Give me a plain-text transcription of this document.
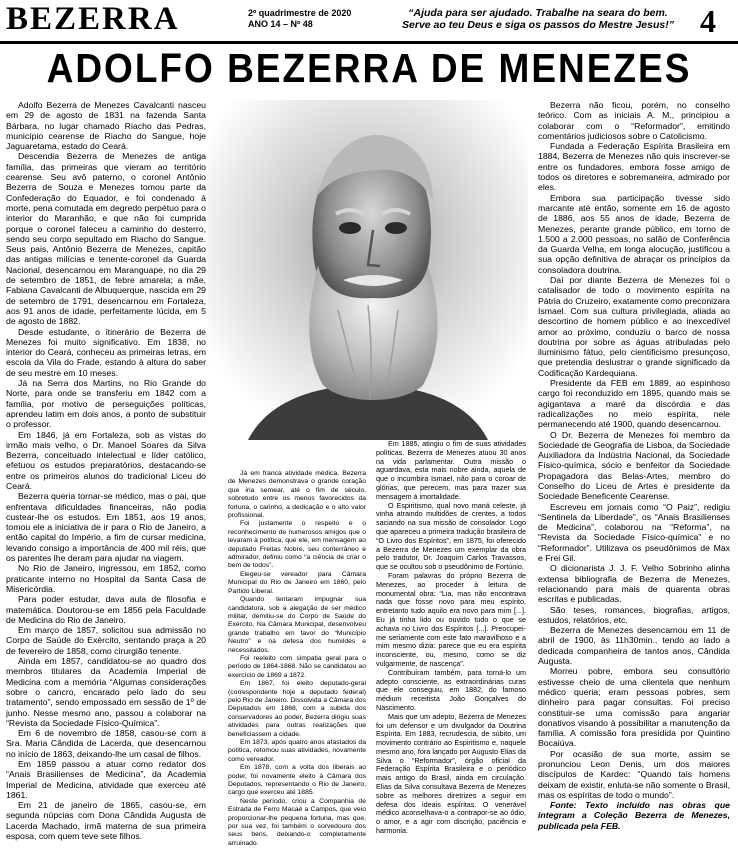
BEZERRA	2º quadrimestre de 2020
ANO 14 – Nº 48
“Ajuda para ser ajudado. Trabalhe na seara do bem.
Serve ao teu Deus e siga os passos do Mestre Jesus!” 4
ADOLFO BEZERRA DE MENEZES

Adolfo Bezerra de Menezes Cavalcanti nasceu em 29 de agosto de 1831 na fazenda Santa Bárbara, no lugar chamado Riacho das Pedras, município cearense de Riacho do Sangue, hoje Jaguaretama, estado do Ceará.

Descendia Bezerra de Menezes de antiga família, das primeiras que vieram ao território cearense. Seu avô paterno, o coronel Antônio Bezerra de Souza e Menezes tomou parte da Confederação do Equador, e foi condenado à morte, pena comutada em degredo perpétuo para o interior do Maranhão, e que não foi cumprida porque o coronel faleceu a caminho do desterro, sendo seu corpo sepultado em Riacho do Sangue. Seus pais, Antônio Bezerra de Menezes, capitão das antigas milícias e tenente-coronel da Guarda Nacional, desencarnou em Maranguape, no dia 29 de setembro de 1851, de febre amarela; a mãe, Fabiana Cavalcanti de Albuquerque, nascida em 29 de setembro de 1791, desencarnou em Fortaleza, aos 91 anos de idade, perfeitamente lúcida, em 5 de agosto de 1882.

Desde estudante, o itinerário de Bezerra de Menezes foi muito significativo. Em 1838, no interior do Ceará, conheceu as primeiras letras, em escola da Vila do Frade, estando à altura do saber de seu mestre em 10 meses.

Já na Serra dos Martins, no Rio Grande do Norte, para onde se transferiu em 1842 com a família, por motivo de perseguições políticas, aprendeu latim em dois anos, a ponto de substituir o professor.

Em 1846, já em Fortaleza, sob as vistas do irmão mais velho, o Dr. Manoel Soares da Silva Bezerra, conceituado intelectual e líder católico, efetuou os estudos preparatórios, destacando-se entre os primeiros alunos do tradicional Liceu do Ceará.

Bezerra queria tornar-se médico, mas o pai, que enfrentava dificuldades financeiras, não podia custear-lhe os estudos. Em 1851, aos 19 anos, tomou ele a iniciativa de ir para o Rio de Janeiro, a então capital do Império, a fim de cursar medicina, levando consigo a importância de 400 mil réis, que os parentes lhe deram para ajudar na viagem.

No Rio de Janeiro, ingressou, em 1852, como praticante interno no Hospital da Santa Casa de Misericórdia.

Para poder estudar, dava aula de filosofia e matemática. Doutorou-se em 1856 pela Faculdade de Medicina do Rio de Janeiro.

Em março de 1857, solicitou sua admissão no Corpo de Saúde do Exército, sentando praça a 20 de fevereiro de 1858, como cirurgião tenente.

Ainda em 1857, candidatou-se ao quadro dos membros titulares da Academia Imperial de Medicina com a memória “Algumas considerações sobre o cancro, encarado pelo lado do seu tratamento”, sendo empossado em sessão de 1º de junho. Nesse mesmo ano, passou a colaborar na “Revista da Sociedade Físico-Química”.

Em 6 de novembro de 1858, casou-se com a Sra. Maria Cândida de Lacerda, que desencarnou no início de 1863, deixando-lhe um casal de filhos.

Em 1859 passou a atuar como redator dos “Anais Brasilienses de Medicina”, da Academia Imperial de Medicina, atividade que exerceu até 1861.

Em 21 de janeiro de 1865, casou-se, em segunda núpcias com Dona Cândida Augusta de Lacerda Machado, irmã materna de sua primeira esposa, com quem teve sete filhos.

Já em franca atividade médica, Bezerra de Menezes demonstrava o grande coração que iria semear, até o fim de século, sobretudo entre os menos favorecidos da fortuna, o carinho, a dedicação e o alto valor profissional.

Foi justamente o respeito e o reconhecimento de numerosos amigos que o levaram à política, que ele, em mensagem ao deputado Freitas Nobre, seu conterrâneo e admirador, definiu como “a ciência de criar o bem de todos”.

Elegeu-se vereador para Câmara Municipal do Rio de Janeiro em 1860, pelo Partido Liberal.

Quando tentaram impugnar sua candidatura, sob a alegação de ser médico militar, demitiu-se do Corpo de Saúde do Exército. Na Câmara Municipal, desenvolveu grande trabalho em favor do “Município Neutro” e na defesa dos humildes e necessitados.

Foi reeleito com simpatia geral para o período de 1864-1868. Não se candidatou ao exercício de 1869 a 1872.

Em 1867, foi eleito deputado-geral (correspondente hoje a deputado federal) pelo Rio de Janeiro. Dissolvida a Câmara dos Deputados em 1868, com a subida dos conservadores ao poder, Bezerra dirigiu suas atividades para outras realizações que beneficiassem a cidade.

Em 1873, após quatro anos afastados da política, retomou suas atividades, novamente como vereador.

Em 1878, com a volta dos liberais ao poder, foi novamente eleito à Câmara dos Deputados, representando o Rio de Janeiro, cargo que exerceu até 1885.

Neste período, criou a Companhia de Estrada de Ferro Macaé a Campos, que veio proporcionar-lhe pequena fortuna, mas que, por sua vez, foi também o sorvedouro dos seus bens, deixando-o completamente arruinado.

Em 1885, atingiu o fim de suas atividades políticas. Bezerra de Menezes atuou 30 anos na vida parlamentar. Outra missão o aguardava, esta mais nobre ainda, aquela de que o incumbira Ismael, não para o coroar de glórias, que perecem, mas para trazer sua mensagem à imortalidade.

O Espiritismo, qual novo maná celeste, já vinha atraindo multidões de crentes, a todos saciando na sua missão de consolador. Logo que apareceu a primeira tradução brasileira de “O Livro dos Espíritos”, em 1875, foi oferecido a Bezerra de Menezes um exemplar da obra pelo tradutor, Dr. Joaquim Carlos Travassos, que se ocultou sob o pseudônimo de Fortúnio.

Foram palavras do próprio Bezerra de Menezes, ao proceder à leitura de monumental obra: “Lia, mas não encontrava nada que fosse novo para meu espírito, entretanto tudo aquilo era novo para mim [...]. Eu já tinha lido ou ouvido tudo o que se achava no Livro dos Espíritos [...]. Preocupei-me seriamente com este fato maravilhoso e a mim mesmo dizia: parece que eu era espírita inconsciente, ou, mesmo, como se diz vulgarmente, de nascença”.

Contribuíram também, para torná-lo um adepto consciente, as extraordinárias curas que ele conseguiu, em 1882, do famoso médium receitista João Gonçalves do Nascimento.

Mais que um adepto, Bezerra de Menezes foi um defensor e um divulgador da Doutrina Espírita. Em 1883, recrudescia, de súbito, um movimento contrário ao Espiritismo e, naquele mesmo ano, fora lançado por Augusto Elias da Silva o “Reformador”, órgão oficial da Federação Espírita Brasileira e o periódico mais antigo do Brasil, ainda em circulação. Elias da Silva consultava Bezerra de Menezes sobre as melhores diretrizes a seguir em defesa dos ideais espíritas. O venerável médico aconselhava-o a contrapor-se ao ódio, o amor, e a agir com discrição, paciência e harmonia.

Bezerra não ficou, porém, no conselho teórico. Com as iniciais A. M., principiou a colaborar com o “Reformador”, emitindo comentários judiciosos sobre o Catolicismo.

Fundada a Federação Espírita Brasileira em 1884, Bezerra de Menezes não quis inscrever-se entre os fundadores, embora fosse amigo de todos os diretores e sobremaneira, admirado por eles.

Embora sua participação tivesse sido marcante até então, somente em 16 de agosto de 1886, aos 55 anos de idade, Bezerra de Menezes, perante grande público, em torno de 1.500 a 2.000 pessoas, no salão de Conferência da Guarda Velha, em longa alocução, justificou a sua opção definitiva de abraçar os princípios da consoladora doutrina.

Daí por diante Bezerra de Menezes foi o catalisador de todo o movimento espírita na Pátria do Cruzeiro, exatamente como preconizara Ismael. Com sua cultura privilegiada, aliada ao descortino de homem público e ao inexcedível amor ao próximo, conduziu o barco de nossa doutrina por sobre as águas atribuladas pelo iluminismo fátuo, pelo cientificismo presunçoso, que pretendia deslustrar o grande significado da Codificação Kardequiana.

Presidente da FEB em 1889, ao espinhoso cargo foi reconduzido em 1895, quando mais se agigantava a maré da discórdia e das radicalizações no meio espírita, nele permanecendo até 1900, quando desencarnou.

O Dr. Bezerra de Menezes foi membro da Sociedade de Geografia de Lisboa, da Sociedade Auxiliadora da Indústria Nacional, da Sociedade Físico-química, sócio e benfeitor da Sociedade Propagadora das Belas-Artes, membro do Conselho do Liceu de Artes e presidente da Sociedade Beneficente Cearense.

Escreveu em jornais como “O Paiz”, redigiu “Sentinela da Liberdade”, os “Anais Brasilienses de Medicina”, colaborou na “Reforma”, na “Revista da Sociedade Físico-química” e no “Reformador”. Utilizava os pseudônimos de Max e Frei Gil.

O dicionarista J. J. F. Velho Sobrinho alinha extensa bibliografia de Bezerra de Menezes, relacionando para mais de quarenta obras escritas e publicadas.

São teses, romances, biografias, artigos, estudos, relatórios, etc.

Bezerra de Menezes desencarnou em 11 de abril de 1900, às 11h30min., tendo ao lado a dedicada companheira de tantos anos, Cândida Augusta.

Morreu pobre, embora seu consultório estivesse cheio de uma clientela que nenhum médico queria; eram pessoas pobres, sem dinheiro para pagar consultas. Foi preciso constituir-se uma comissão para angariar donativos visando à possibilitar a manutenção da família. A comissão fora presidida por Quintino Bocaiúva.

Por ocasião de sua morte, assim se pronunciou Leon Denis, um dos maiores discípulos de Kardec: “Quando tais homens deixam de existir, enluta-se não somente o Brasil, mas os espíritas de todo o mundo”.

Fonte: Texto incluído nas obras que integram a Coleção Bezerra de Menezes, publicada pela FEB.
